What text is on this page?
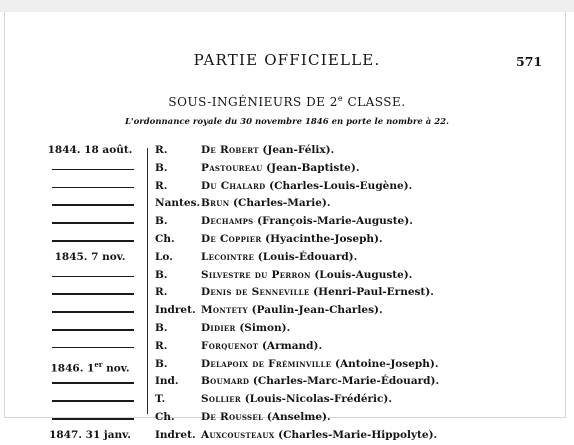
PARTIE OFFICIELLE.	571
SOUS-INGÉNIEURS DE 2e CLASSE.
L'ordonnance royale du 30 novembre 1846 en porte le nombre à 22.
1844. 18 août.	R.	De Robert (Jean-Félix).
B.	Pastoureau (Jean-Baptiste).
R.	Du Chalard (Charles-Louis-Eugène).
Nantes. Brun (Charles-Marie).
B.	Dechamps (François-Marie-Auguste).
Ch.	De Coppier (Hyacinthe-Joseph).
1845. 7 nov.	Lo.	Lecointre (Louis-Édouard).
B.	Silvestre du Perron (Louis-Auguste).
R.	Denis de Senneville (Henri-Paul-Ernest).
Indret. Montety (Paulin-Jean-Charles).
B.	Didier (Simon).
R.	Forquenot (Armand).
1846. 1er nov.	B.	Delapoix de Fréminville (Antoine-Joseph).
Ind. Boumard (Charles-Marc-Marie-Édouard).
T.	Sollier (Louis-Nicolas-Frédéric).
Ch.	De Roussel (Anselme).
1847. 31 janv.	Indret. Auxcousteaux (Charles-Marie-Hippolyte).
